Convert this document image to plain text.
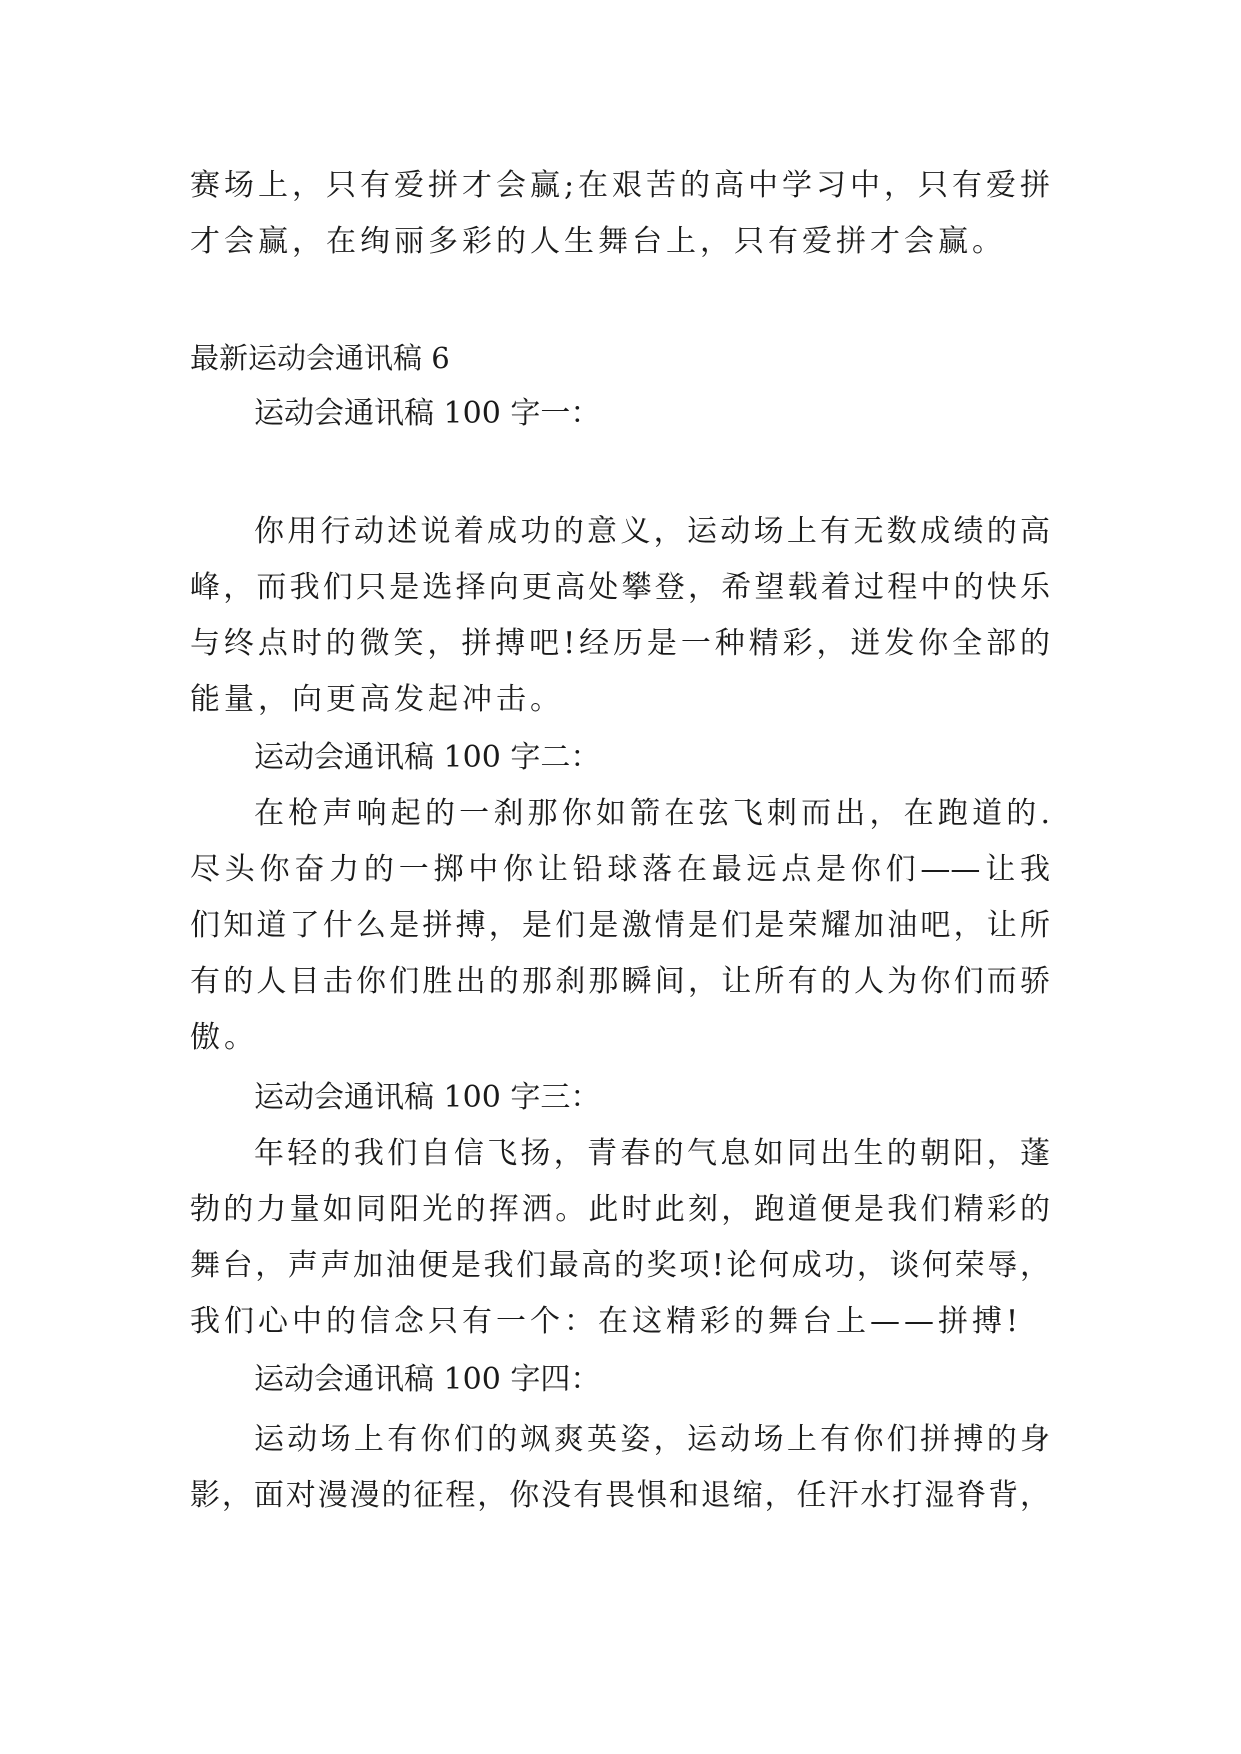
赛场上，只有爱拼才会赢;在艰苦的高中学习中，只有爱拼
才会赢，在绚丽多彩的人生舞台上，只有爱拼才会赢。
最新运动会通讯稿 6
运动会通讯稿 100 字一：
你用行动述说着成功的意义，运动场上有无数成绩的高
峰，而我们只是选择向更高处攀登，希望载着过程中的快乐
与终点时的微笑，拼搏吧!经历是一种精彩，迸发你全部的
能量，向更高发起冲击。
运动会通讯稿 100 字二：
在枪声响起的一刹那你如箭在弦飞刺而出，在跑道的.
尽头你奋力的一掷中你让铅球落在最远点是你们——让我
们知道了什么是拼搏，是们是激情是们是荣耀加油吧，让所
有的人目击你们胜出的那刹那瞬间，让所有的人为你们而骄
傲。
运动会通讯稿 100 字三：
年轻的我们自信飞扬，青春的气息如同出生的朝阳，蓬
勃的力量如同阳光的挥洒。此时此刻，跑道便是我们精彩的
舞台，声声加油便是我们最高的奖项!论何成功，谈何荣辱，
我们心中的信念只有一个：在这精彩的舞台上——拼搏!
运动会通讯稿 100 字四：
运动场上有你们的飒爽英姿，运动场上有你们拼搏的身
影，面对漫漫的征程，你没有畏惧和退缩，任汗水打湿脊背，
